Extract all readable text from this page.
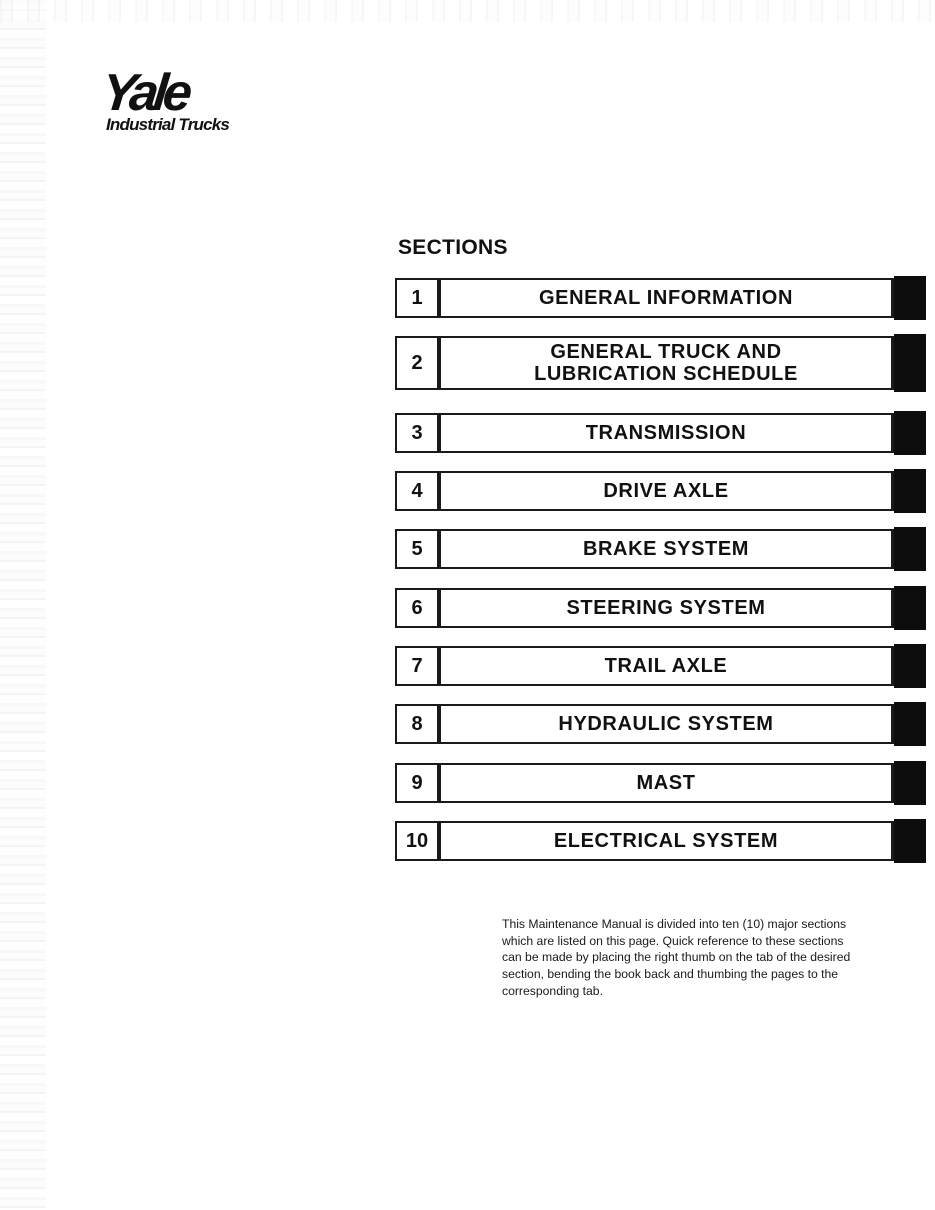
Yale
Industrial Trucks
SECTIONS
1	GENERAL INFORMATION
2	GENERAL TRUCK AND
LUBRICATION SCHEDULE
3	TRANSMISSION
4	DRIVE AXLE
5	BRAKE SYSTEM
6	STEERING SYSTEM
7	TRAIL AXLE
8	HYDRAULIC SYSTEM
9	MAST
10	ELECTRICAL SYSTEM
This Maintenance Manual is divided into ten (10) major sections
which are listed on this page. Quick reference to these sections
can be made by placing the right thumb on the tab of the desired
section, bending the book back and thumbing the pages to the
corresponding tab.
